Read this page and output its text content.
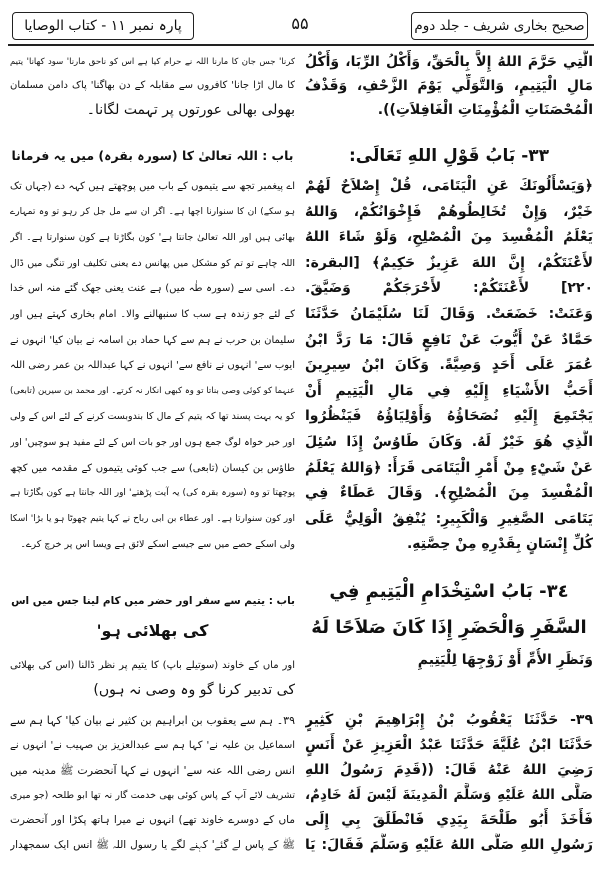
صحیح بخاری شریف - جلد دوم
۵۵
پارہ نمبر ۱۱ - کتاب الوصایا
کرنا' جس جان کا مارنا اللہ نے حرام کیا ہے اس کو ناحق مارنا' سود کھانا' یتیم
کا مال اڑا جانا' کافروں سے مقابلہ کے دن بھاگنا' پاک دامن مسلمان
بھولی بھالی عورتوں پر تہمت لگانا۔
باب : اللہ تعالیٰ کا (سورہ بقرہ) میں یہ فرمانا
اے پیغمبر تجھ سے یتیموں کے باب میں پوچھتے ہیں کہہ دے (جہاں تک
ہو سکے) ان کا سنوارنا اچھا ہے۔ اگر ان سے مل جل کر رہو تو وہ تمہارے
بھائی ہیں اور اللہ تعالیٰ جانتا ہے' کون بگاڑتا ہے کون سنوارتا ہے۔ اگر
اللہ چاہے تو تم کو مشکل میں پھانس دے یعنی تکلیف اور تنگی میں ڈال
دے۔ اسی سے (سورہ طٰہ میں) ہے عنت یعنی جھک گئے منہ اس خدا
کے لئے جو زندہ ہے سب کا سنبھالنے والا۔ امام بخاری کہتے ہیں اور
سلیمان بن حرب نے ہم سے کہا حماد بن اسامہ نے بیان کیا' انہوں نے
ایوب سے' انہوں نے نافع سے' انہوں نے کہا عبداللہ بن عمر رضی اللہ
عنہما کو کوئی وصی بناتا تو وہ کبھی انکار نہ کرتے۔ اور محمد بن سیرین (تابعی)
کو یہ بہت پسند تھا کہ یتیم کے مال کا بندوبست کرنے کے لئے اس کے ولی
اور خیر خواہ لوگ جمع ہوں اور جو بات اس کے لئے مفید ہو سوچیں' اور
طاؤس بن کیسان (تابعی) سے جب کوئی یتیموں کے مقدمہ میں کچھ
پوچھتا تو وہ (سورہ بقرہ کی) یہ آیت پڑھتے' اور اللہ جانتا ہے کون بگاڑتا ہے
اور کون سنوارتا ہے۔ اور عطاء بن ابی رباح نے کہا یتیم چھوٹا ہو یا بڑا' اسکا
ولی اسکے حصے میں سے جیسے اسکے لائق ہے ویسا اس پر خرچ کرے۔
باب : یتیم سے سفر اور حضر میں کام لینا جس میں اس
کی بھلائی ہو'
اور ماں کے خاوند (سوتیلے باپ) کا یتیم پر نظر ڈالنا (اس کی بھلائی
کی تدبیر کرنا گو وہ وصی نہ ہوں)
۳۹۔ ہم سے یعقوب بن ابراہیم بن کثیر نے بیان کیا' کہا ہم سے
اسماعیل بن علیہ نے' کہا ہم سے عبدالعزیز بن صہیب نے' انہوں نے
انس رضی اللہ عنہ سے' انہوں نے کہا آنحضرت ﷺ مدینہ میں
تشریف لائے آپ کے پاس کوئی بھی خدمت گار نہ تھا ابو طلحہ (جو میری
ماں کے دوسرے خاوند تھے) انہوں نے میرا ہاتھ پکڑا اور آنحضرت
ﷺ کے پاس لے گئے' کہنے لگے یا رسول اللہ ﷺ انس ایک سمجھدار
الَّتِي حَرَّمَ اللهُ إِلاَّ بِالْحَقِّ، وَأَكْلُ الرِّبَا، وَأَكْلُ
مَالِ الْيَتِيمِ، وَالتَّوَلِّي يَوْمَ الزَّحْفِ، وَقَذْفُ
الْمُحْصَنَاتِ الْمُؤْمِنَاتِ الْغَافِلاَتِ)).
٣٣- بَابُ قَوْلِ اللهِ تَعَالَى:
﴿وَيَسْأَلُونَكَ عَنِ الْيَتَامَى، قُلْ إِصْلاَحٌ لَهُمْ
خَيْرٌ، وَإِنْ تُخَالِطُوهُمْ فَإِخْوَانُكُمْ، وَاللهُ
يَعْلَمُ الْمُفْسِدَ مِنَ الْمُصْلِحِ، وَلَوْ شَاءَ اللهُ
لأَعْنَتَكُمْ، إِنَّ اللهَ عَزِيزٌ حَكِيمٌ﴾ [البقرة:
٢٢٠] لأَعْنَتَكُمْ: لأَحْرَجَكُمْ وَضَيَّقَ.
وَعَنَتْ: خَضَعَتْ. وَقَالَ لَنَا سُلَيْمَانُ حَدَّثَنَا
حَمَّادٌ عَنْ أَيُّوبَ عَنْ نَافِعٍ قَالَ: مَا رَدَّ ابْنُ
عُمَرَ عَلَى أَحَدٍ وَصِيَّةً. وَكَانَ ابْنُ سِيرِينَ
أَحَبُّ الأَشْيَاءِ إِلَيْهِ فِي مَالِ الْيَتِيمِ أَنْ
يَجْتَمِعَ إِلَيْهِ نُصَحَاؤُهُ وَأَوْلِيَاؤُهُ فَيَنْظُرُوا
الَّذِي هُوَ خَيْرٌ لَهُ. وَكَانَ طَاوُسٌ إِذَا سُئِلَ
عَنْ شَيْءٍ مِنْ أَمْرِ الْيَتَامَى قَرَأَ: ﴿وَاللهُ يَعْلَمُ
الْمُفْسِدَ مِنَ الْمُصْلِحِ﴾. وَقَالَ عَطَاءٌ فِي
يَتَامَى الصَّغِيرِ وَالْكَبِيرِ: يُنْفِقُ الْوَلِيُّ عَلَى
كُلِّ إِنْسَانٍ بِقَدْرِهِ مِنْ حِصَّتِهِ.
٣٤- بَابُ اسْتِخْدَامِ الْيَتِيمِ فِي
السَّفَرِ وَالْحَضَرِ إِذَا كَانَ صَلاَحًا لَهُ
وَنَظَرِ الأُمِّ أَوْ زَوْجِهَا لِلْيَتِيمِ
٣٩- حَدَّثَنَا يَعْقُوبُ بْنُ إِبْرَاهِيمَ بْنِ كَثِيرٍ
حَدَّثَنَا ابْنُ عُلَيَّةَ حَدَّثَنَا عَبْدُ الْعَزِيزِ عَنْ أَنَسٍ
رَضِيَ اللهُ عَنْهُ قَالَ: ((قَدِمَ رَسُولُ اللهِ
صَلَّى اللهُ عَلَيْهِ وَسَلَّمَ الْمَدِينَةَ لَيْسَ لَهُ خَادِمٌ،
فَأَخَذَ أَبُو طَلْحَةَ بِيَدِي فَانْطَلَقَ بِي إِلَى
رَسُولِ اللهِ صَلَّى اللهُ عَلَيْهِ وَسَلَّمَ فَقَالَ: يَا
